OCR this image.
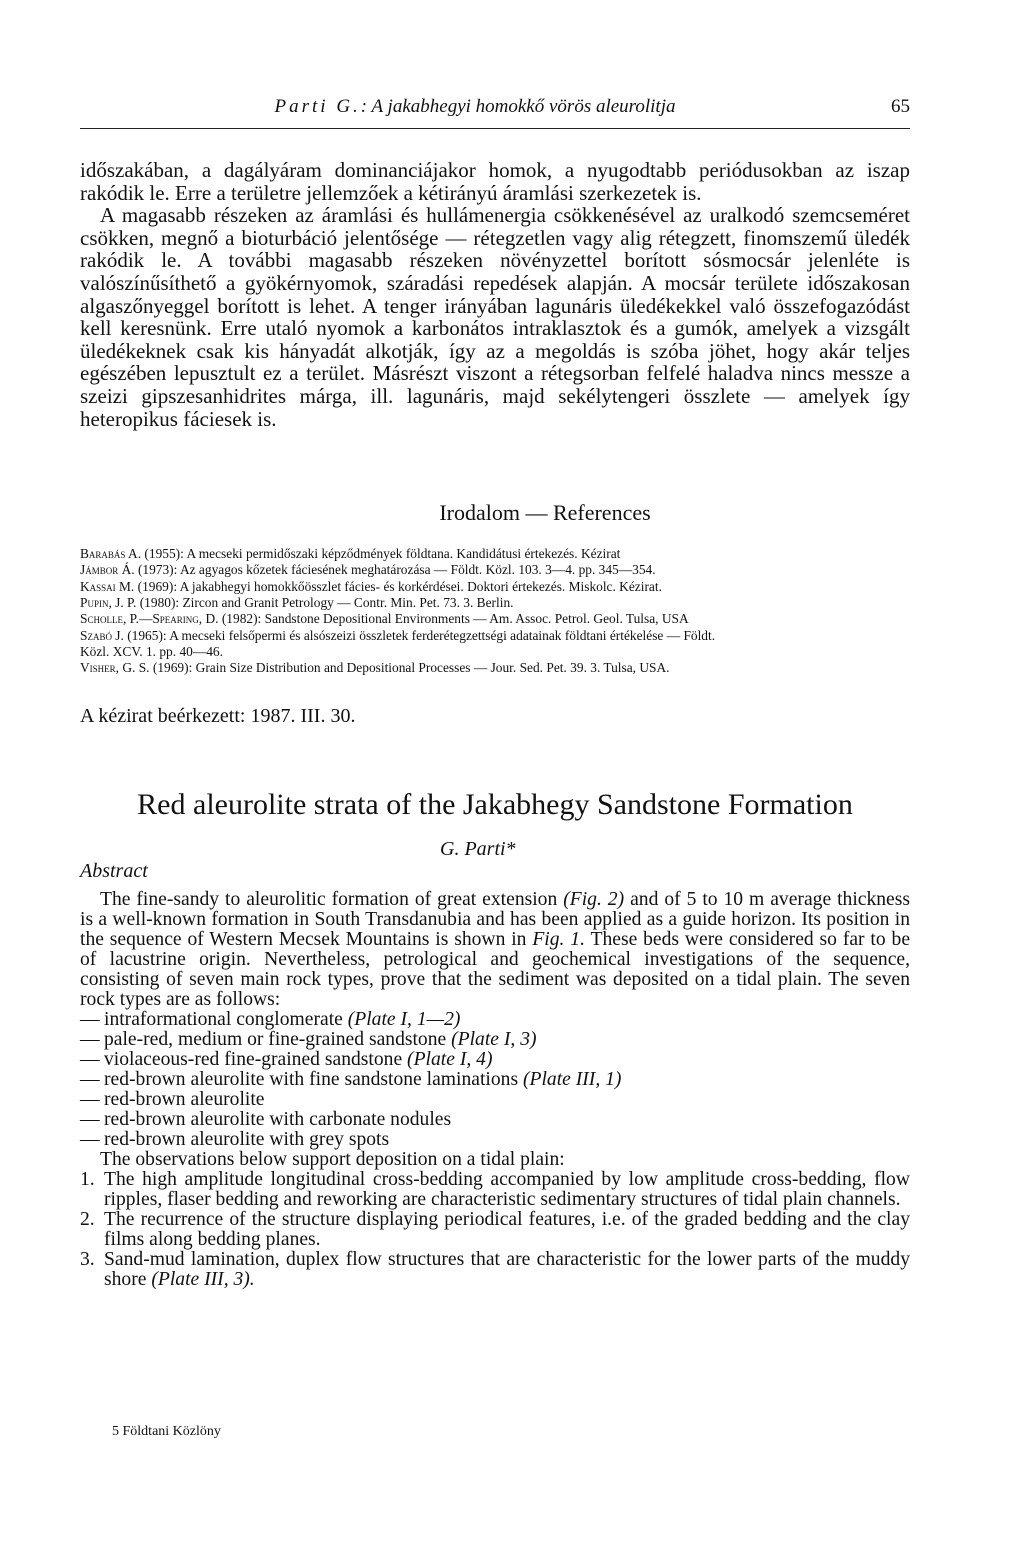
Parti G.: A jakabhegyi homokkő vörös aleurolitja	65

időszakában, a dagályáram dominanciájakor homok, a nyugodtabb periódusokban az iszap rakódik le. Erre a területre jellemzőek a kétirányú áramlási szerkezetek is.

A magasabb részeken az áramlási és hullámenergia csökkenésével az uralkodó szemcseméret csökken, megnő a bioturbáció jelentősége — rétegzetlen vagy alig rétegzett, finomszemű üledék rakódik le. A további magasabb részeken növényzettel borított sósmocsár jelenléte is valószínűsíthető a gyökérnyomok, száradási repedések alapján. A mocsár területe időszakosan algaszőnyeggel borított is lehet. A tenger irányában lagunáris üledékekkel való összefogazódást kell keresnünk. Erre utaló nyomok a karbonátos intraklasztok és a gumók, amelyek a vizsgált üledékeknek csak kis hányadát alkotják, így az a megoldás is szóba jöhet, hogy akár teljes egészében lepusztult ez a terület. Másrészt viszont a rétegsorban felfelé haladva nincs messze a szeizi gipszesanhidrites márga, ill. lagunáris, majd sekélytengeri összlete — amelyek így heteropikus fáciesek is.

Irodalom — References
Barabás A. (1955): A mecseki permidőszaki képződmények földtana. Kandidátusi értekezés. Kézirat
Jámbor Á. (1973): Az agyagos kőzetek fáciesének meghatározása — Földt. Közl. 103. 3—4. pp. 345—354.
Kassai M. (1969): A jakabhegyi homokkőösszlet fácies- és korkérdései. Doktori értekezés. Miskolc. Kézirat.
Pupin, J. P. (1980): Zircon and Granit Petrology — Contr. Min. Pet. 73. 3. Berlin.
Scholle, P.—Spearing, D. (1982): Sandstone Depositional Environments — Am. Assoc. Petrol. Geol. Tulsa, USA
Szabó J. (1965): A mecseki felsőpermi és alsószeizi összletek ferderétegzettségi adatainak földtani értékelése — Földt.
Közl. XCV. 1. pp. 40—46.
Visher, G. S. (1969): Grain Size Distribution and Depositional Processes — Jour. Sed. Pet. 39. 3. Tulsa, USA.
A kézirat beérkezett: 1987. III. 30.
Red aleurolite strata of the Jakabhegy Sandstone Formation
Abstract
G. Parti*

The fine-sandy to aleurolitic formation of great extension (Fig. 2) and of 5 to 10 m average thickness is a well-known formation in South Transdanubia and has been applied as a guide horizon. Its position in the sequence of Western Mecsek Mountains is shown in Fig. 1. These beds were considered so far to be of lacustrine origin. Nevertheless, petrological and geochemical investigations of the sequence, consisting of seven main rock types, prove that the sediment was deposited on a tidal plain. The seven rock types are as follows:

— intraformational conglomerate (Plate I, 1—2)
— pale-red, medium or fine-grained sandstone (Plate I, 3)
— violaceous-red fine-grained sandstone (Plate I, 4)
— red-brown aleurolite with fine sandstone laminations (Plate III, 1)
— red-brown aleurolite
— red-brown aleurolite with carbonate nodules
— red-brown aleurolite with grey spots

The observations below support deposition on a tidal plain:

1. The high amplitude longitudinal cross-bedding accompanied by low amplitude cross-bedding, flow ripples, flaser bedding and reworking are characteristic sedimentary structures of tidal plain channels.
2. The recurrence of the structure displaying periodical features, i.e. of the graded bedding and the clay films along bedding planes.
3. Sand-mud lamination, duplex flow structures that are characteristic for the lower parts of the muddy shore (Plate III, 3).
5 Földtani Közlöny
